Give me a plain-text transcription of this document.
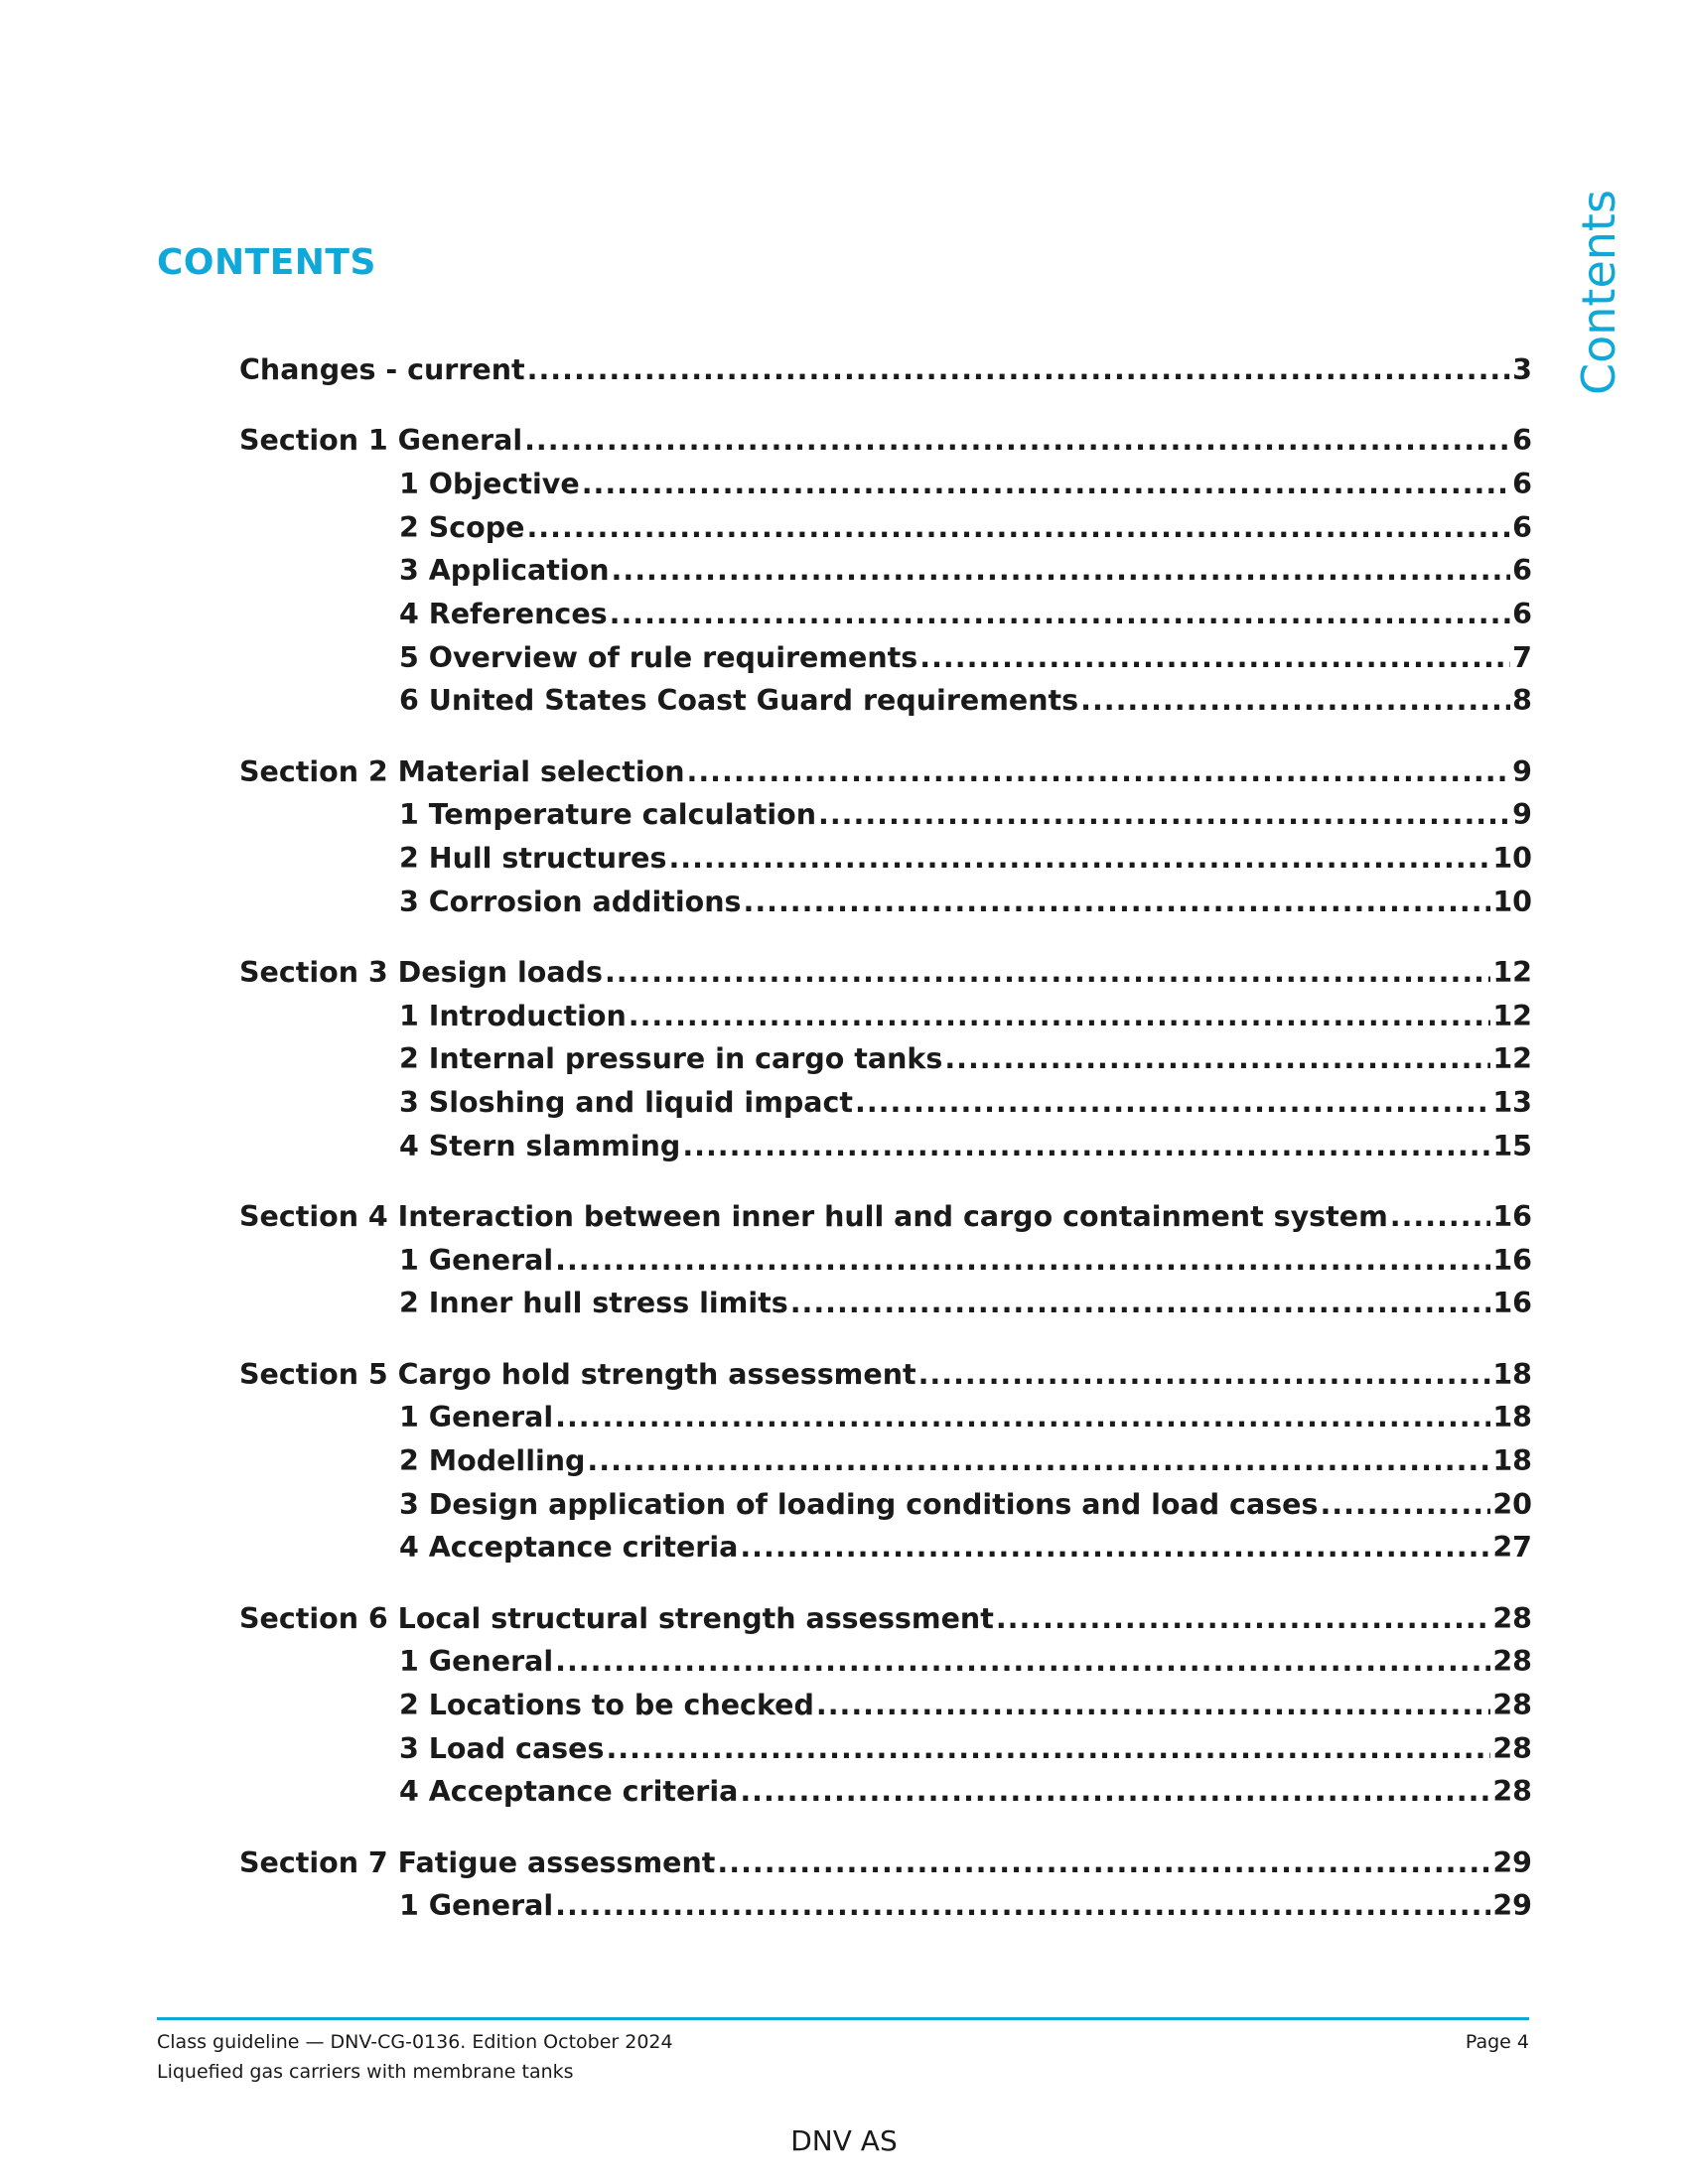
CONTENTS	Contents
Changes - current .....	3
Section 1 General .....	6
1 Objective .....	6
2 Scope .....	6
3 Application .....	6
4 References .....	6
5 Overview of rule requirements .....	7
6 United States Coast Guard requirements .....	8
Section 2 Material selection .....	9
1 Temperature calculation .....	9
2 Hull structures .....	10
3 Corrosion additions .....	10
Section 3 Design loads .....	12
1 Introduction .....	12
2 Internal pressure in cargo tanks .....	12
3 Sloshing and liquid impact .....	13
4 Stern slamming .....	15
Section 4 Interaction between inner hull and cargo containment system .....	16
1 General .....	16
2 Inner hull stress limits .....	16
Section 5 Cargo hold strength assessment .....	18
1 General .....	18
2 Modelling .....	18
3 Design application of loading conditions and load cases .....	20
4 Acceptance criteria .....	27
Section 6 Local structural strength assessment .....	28
1 General .....	28
2 Locations to be checked .....	28
3 Load cases .....	28
4 Acceptance criteria .....	28
Section 7 Fatigue assessment .....	29
1 General .....	29
Class guideline — DNV-CG-0136. Edition October 2024
Liquefied gas carriers with membrane tanks
Page 4
DNV AS
